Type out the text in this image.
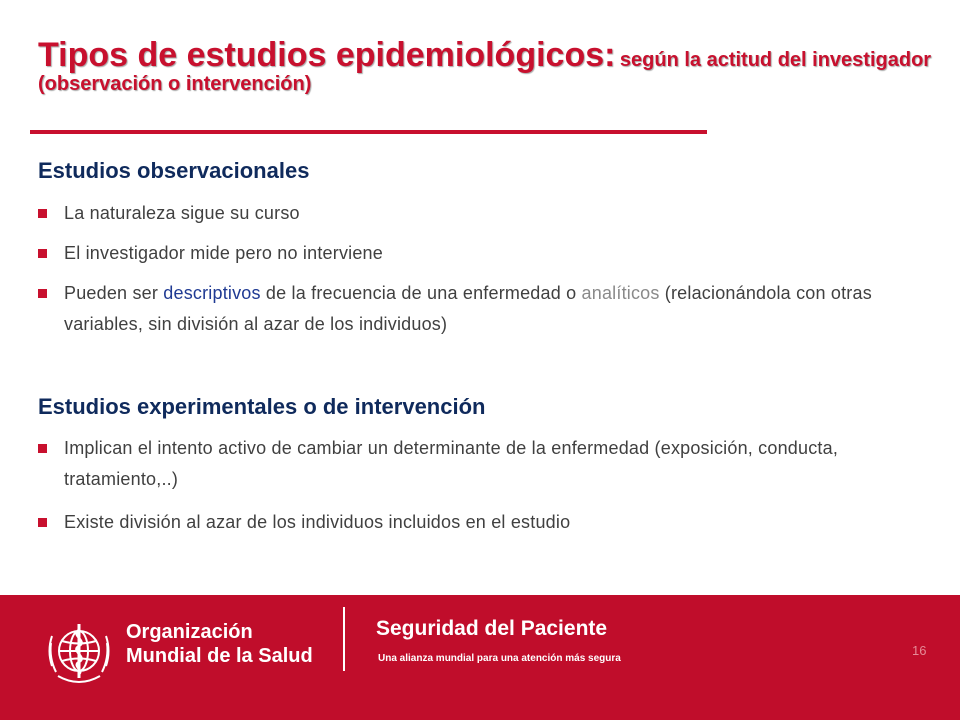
Tipos de estudios epidemiológicos: según la actitud del investigador (observación o intervención)
Estudios observacionales
La naturaleza sigue su curso
El investigador mide pero no interviene
Pueden ser descriptivos de la frecuencia de una enfermedad o analíticos (relacionándola con otras variables, sin división al azar de los individuos)
Estudios experimentales o de intervención
Implican el intento activo de cambiar un determinante de la enfermedad (exposición, conducta, tratamiento,..)
Existe división al azar de los individuos incluidos en el estudio
Organización
Mundial de la Salud
Seguridad del Paciente
Una alianza mundial para una atención más segura
16
